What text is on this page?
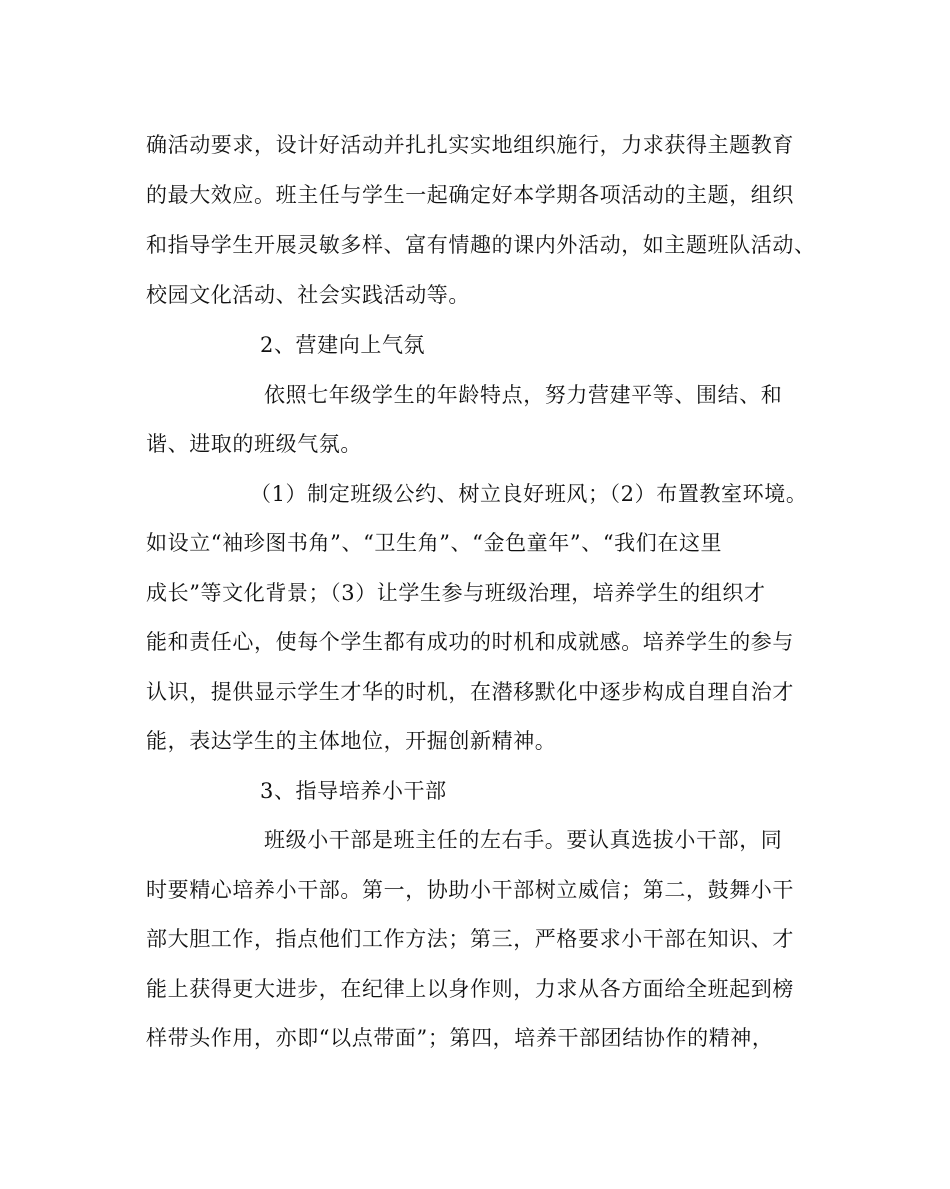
确活动要求，设计好活动并扎扎实实地组织施行，力求获得主题教育
的最大效应。班主任与学生一起确定好本学期各项活动的主题，组织
和指导学生开展灵敏多样、富有情趣的课内外活动，如主题班队活动、
校园文化活动、社会实践活动等。
2、营建向上气氛
依照七年级学生的年龄特点，努力营建平等、围结、和
谐、进取的班级气氛。
（1）制定班级公约、树立良好班风；（2）布置教室环境。
如设立“袖珍图书角”、“卫生角”、“金色童年”、“我们在这里
成长”等文化背景；（3）让学生参与班级治理，培养学生的组织才
能和责任心，使每个学生都有成功的时机和成就感。培养学生的参与
认识，提供显示学生才华的时机，在潜移默化中逐步构成自理自治才
能，表达学生的主体地位，开掘创新精神。
3、指导培养小干部
班级小干部是班主任的左右手。要认真选拔小干部，同
时要精心培养小干部。第一，协助小干部树立威信；第二，鼓舞小干
部大胆工作，指点他们工作方法；第三，严格要求小干部在知识、才
能上获得更大进步，在纪律上以身作则，力求从各方面给全班起到榜
样带头作用，亦即“以点带面”；第四，培养干部团结协作的精神，
